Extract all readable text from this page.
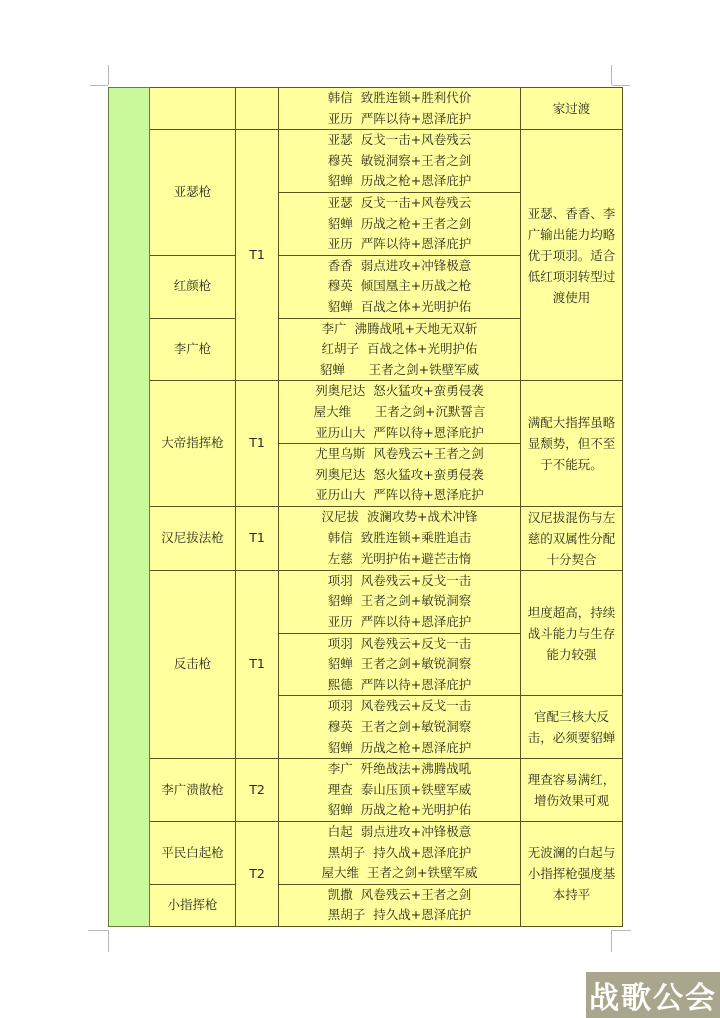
			韩信  致胜连锁+胜利代价
亚历  严阵以待+恩泽庇护	家过渡
	亚瑟枪	T1	亚瑟  反戈一击+风卷残云
穆英  敏锐洞察+王者之剑
貂蝉  历战之枪+恩泽庇护	亚瑟、香香、李广输出能力均略优于项羽。适合低红项羽转型过渡使用

			亚瑟  反戈一击+风卷残云
貂蝉  历战之枪+王者之剑
亚历  严阵以待+恩泽庇护	

	红颜枪		香香  弱点进攻+冲锋极意
穆英  倾国凰主+历战之枪
貂蝉  百战之体+光明护佑	

	李广枪		李广  沸腾战吼+天地无双斩
红胡子  百战之体+光明护佑
貂蝉      王者之剑+铁壁军威	

	大帝指挥枪	T1	列奥尼达  怒火猛攻+蛮勇侵袭
屋大维      王者之剑+沉默誓言
亚历山大  严阵以待+恩泽庇护	满配大指挥虽略显颓势，但不至于不能玩。

			尤里乌斯  风卷残云+王者之剑
列奥尼达  怒火猛攻+蛮勇侵袭
亚历山大  严阵以待+恩泽庇护	

	汉尼拔法枪	T1	汉尼拔  波澜攻势+战术冲锋
韩信  致胜连锁+乘胜追击
左慈  光明护佑+避芒击惰	汉尼拔混伤与左慈的双属性分配十分契合
	反击枪	T1	项羽  风卷残云+反戈一击
貂蝉  王者之剑+敏锐洞察
亚历  严阵以待+恩泽庇护	坦度超高，持续战斗能力与生存能力较强

			项羽  风卷残云+反戈一击
貂蝉  王者之剑+敏锐洞察
熙德  严阵以待+恩泽庇护	

			项羽  风卷残云+反戈一击
穆英  王者之剑+敏锐洞察
貂蝉  历战之枪+恩泽庇护	官配三核大反击，必须要貂蝉
	李广溃散枪	T2	李广  歼绝战法+沸腾战吼
理查  泰山压顶+铁壁军威
貂蝉  历战之枪+光明护佑	理查容易满红，增伤效果可观
	平民白起枪	T2	白起  弱点进攻+冲锋极意
黑胡子  持久战+恩泽庇护
屋大维  王者之剑+铁壁军威	无波澜的白起与小指挥枪强度基本持平
	小指挥枪		凯撒  风卷残云+王者之剑
黑胡子  持久战+恩泽庇护	
战歌公会
